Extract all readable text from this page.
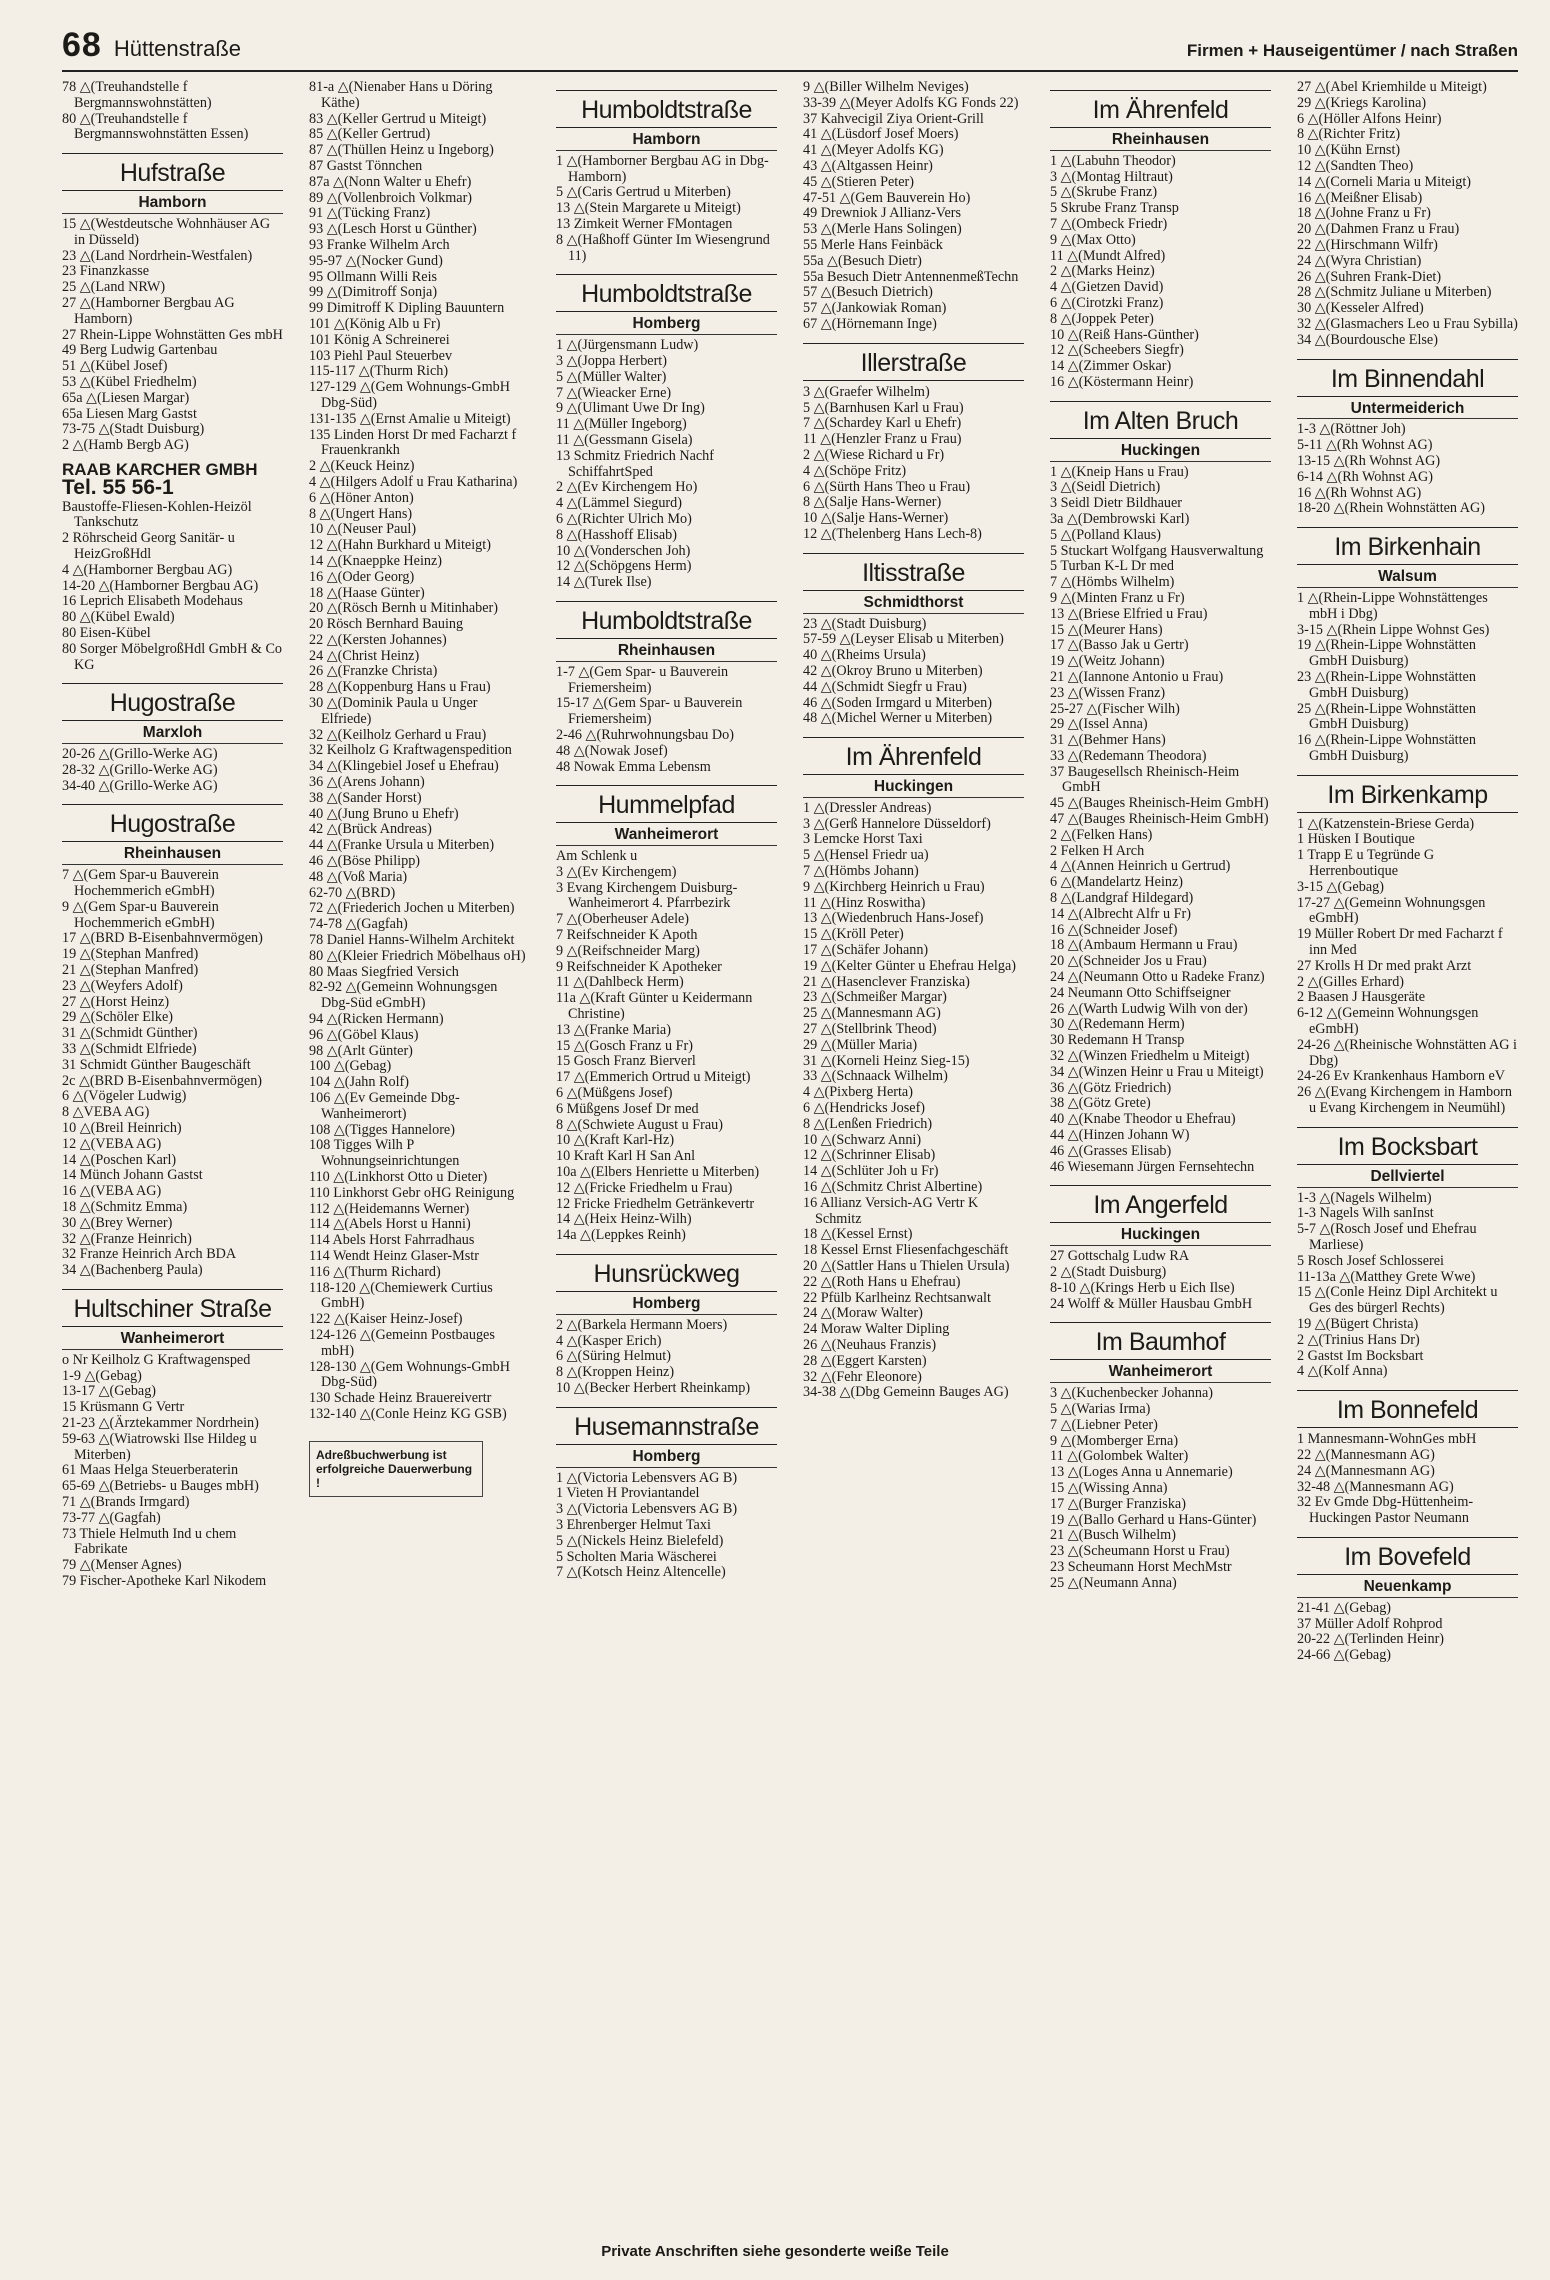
68 Hüttenstraße	Firmen + Hauseigentümer / nach Straßen
78 △(Treuhandstelle f Bergmannswohnstätten)
80 △(Treuhandstelle f Bergmannswohnstätten Essen)
Hufstraße
Hamborn
15 △(Westdeutsche Wohnhäuser AG in Düsseld)
23 △(Land Nordrhein-Westfalen)
23 Finanzkasse
25 △(Land NRW)
27 △(Hamborner Bergbau AG Hamborn)
27 Rhein-Lippe Wohnstätten Ges mbH
49 Berg Ludwig Gartenbau
51 △(Kübel Josef)
53 △(Kübel Friedhelm)
65a △(Liesen Margar)
65a Liesen Marg Gastst
73-75 △(Stadt Duisburg)
2 △(Hamb Bergb AG)
RAAB KARCHER GMBH
Tel. 55 56-1
Baustoffe-Fliesen-Kohlen-Heizöl Tankschutz
2 Röhrscheid Georg Sanitär- u HeizGroßHdl
4 △(Hamborner Bergbau AG)
14-20 △(Hamborner Bergbau AG)
16 Leprich Elisabeth Modehaus
80 △(Kübel Ewald)
80 Eisen-Kübel
80 Sorger MöbelgroßHdl GmbH & Co KG
Hugostraße
Marxloh
20-26 △(Grillo-Werke AG)
28-32 △(Grillo-Werke AG)
34-40 △(Grillo-Werke AG)
Hugostraße
Rheinhausen
7 △(Gem Spar-u Bauverein Hochemmerich eGmbH)
9 △(Gem Spar-u Bauverein Hochemmerich eGmbH)
17 △(BRD B-Eisenbahnvermögen)
19 △(Stephan Manfred)
21 △(Stephan Manfred)
23 △(Weyfers Adolf)
27 △(Horst Heinz)
29 △(Schöler Elke)
31 △(Schmidt Günther)
33 △(Schmidt Elfriede)
31 Schmidt Günther Baugeschäft
2c △(BRD B-Eisenbahnvermögen)
6 △(Vögeler Ludwig)
8 △VEBA AG)
10 △(Breil Heinrich)
12 △(VEBA AG)
14 △(Poschen Karl)
14 Münch Johann Gastst
16 △(VEBA AG)
18 △(Schmitz Emma)
30 △(Brey Werner)
32 △(Franze Heinrich)
32 Franze Heinrich Arch BDA
34 △(Bachenberg Paula)
Hultschiner Straße
Wanheimerort
o Nr Keilholz G Kraftwagensped
1-9 △(Gebag)
13-17 △(Gebag)
15 Krüsmann G Vertr
21-23 △(Ärztekammer Nordrhein)
59-63 △(Wiatrowski Ilse Hildeg u Miterben)
61 Maas Helga Steuerberaterin
65-69 △(Betriebs- u Bauges mbH)
71 △(Brands Irmgard)
73-77 △(Gagfah)
73 Thiele Helmuth Ind u chem Fabrikate
79 △(Menser Agnes)
79 Fischer-Apotheke Karl Nikodem
81-a △(Nienaber Hans u Döring Käthe)
83 △(Keller Gertrud u Miteigt)
85 △(Keller Gertrud)
87 △(Thüllen Heinz u Ingeborg)
87 Gastst Tönnchen
87a △(Nonn Walter u Ehefr)
89 △(Vollenbroich Volkmar)
91 △(Tücking Franz)
93 △(Lesch Horst u Günther)
93 Franke Wilhelm Arch
95-97 △(Nocker Gund)
95 Ollmann Willi Reis
99 △(Dimitroff Sonja)
99 Dimitroff K Dipling Bauuntern
101 △(König Alb u Fr)
101 König A Schreinerei
103 Piehl Paul Steuerbev
115-117 △(Thurm Rich)
127-129 △(Gem Wohnungs-GmbH Dbg-Süd)
131-135 △(Ernst Amalie u Miteigt)
135 Linden Horst Dr med Facharzt f Frauenkrankh
2 △(Keuck Heinz)
4 △(Hilgers Adolf u Frau Katharina)
6 △(Höner Anton)
8 △(Ungert Hans)
10 △(Neuser Paul)
12 △(Hahn Burkhard u Miteigt)
14 △(Knaeppke Heinz)
16 △(Oder Georg)
18 △(Haase Günter)
20 △(Rösch Bernh u Mitinhaber)
20 Rösch Bernhard Bauing
22 △(Kersten Johannes)
24 △(Christ Heinz)
26 △(Franzke Christa)
28 △(Koppenburg Hans u Frau)
30 △(Dominik Paula u Unger Elfriede)
32 △(Keilholz Gerhard u Frau)
32 Keilholz G Kraftwagenspedition
34 △(Klingebiel Josef u Ehefrau)
36 △(Arens Johann)
38 △(Sander Horst)
40 △(Jung Bruno u Ehefr)
42 △(Brück Andreas)
44 △(Franke Ursula u Miterben)
46 △(Böse Philipp)
48 △(Voß Maria)
62-70 △(BRD)
72 △(Friederich Jochen u Miterben)
74-78 △(Gagfah)
78 Daniel Hanns-Wilhelm Architekt
80 △(Kleier Friedrich Möbelhaus oH)
80 Maas Siegfried Versich
82-92 △(Gemeinn Wohnungsgen Dbg-Süd eGmbH)
94 △(Ricken Hermann)
96 △(Göbel Klaus)
98 △(Arlt Günter)
100 △(Gebag)
104 △(Jahn Rolf)
106 △(Ev Gemeinde Dbg-Wanheimerort)
108 △(Tigges Hannelore)
108 Tigges Wilh P Wohnungseinrichtungen
110 △(Linkhorst Otto u Dieter)
110 Linkhorst Gebr oHG Reinigung
112 △(Heidemanns Werner)
114 △(Abels Horst u Hanni)
114 Abels Horst Fahrradhaus
114 Wendt Heinz Glaser-Mstr
116 △(Thurm Richard)
118-120 △(Chemiewerk Curtius GmbH)
122 △(Kaiser Heinz-Josef)
124-126 △(Gemeinn Postbauges mbH)
128-130 △(Gem Wohnungs-GmbH Dbg-Süd)
130 Schade Heinz Brauereivertr
132-140 △(Conle Heinz KG GSB)
Adreßbuchwerbung ist erfolgreiche Dauerwerbung !
Humboldtstraße
Hamborn
1 △(Hamborner Bergbau AG in Dbg-Hamborn)
5 △(Caris Gertrud u Miterben)
13 △(Stein Margarete u Miteigt)
13 Zimkeit Werner FMontagen
8 △(Haßhoff Günter Im Wiesengrund 11)
Humboldtstraße
Homberg
1 △(Jürgensmann Ludw)
3 △(Joppa Herbert)
5 △(Müller Walter)
7 △(Wieacker Erne)
9 △(Ulimant Uwe Dr Ing)
11 △(Müller Ingeborg)
11 △(Gessmann Gisela)
13 Schmitz Friedrich Nachf SchiffahrtSped
2 △(Ev Kirchengem Ho)
4 △(Lämmel Siegurd)
6 △(Richter Ulrich Mo)
8 △(Hasshoff Elisab)
10 △(Vonderschen Joh)
12 △(Schöpgens Herm)
14 △(Turek Ilse)
Humboldtstraße
Rheinhausen
1-7 △(Gem Spar- u Bauverein Friemersheim)
15-17 △(Gem Spar- u Bauverein Friemersheim)
2-46 △(Ruhrwohnungsbau Do)
48 △(Nowak Josef)
48 Nowak Emma Lebensm
Hummelpfad
Wanheimerort
Am Schlenk u
3 △(Ev Kirchengem)
3 Evang Kirchengem Duisburg-Wanheimerort 4. Pfarrbezirk
7 △(Oberheuser Adele)
7 Reifschneider K Apoth
9 △(Reifschneider Marg)
9 Reifschneider K Apotheker
11 △(Dahlbeck Herm)
11a △(Kraft Günter u Keidermann Christine)
13 △(Franke Maria)
15 △(Gosch Franz u Fr)
15 Gosch Franz Bierverl
17 △(Emmerich Ortrud u Miteigt)
6 △(Müßgens Josef)
6 Müßgens Josef Dr med
8 △(Schwiete August u Frau)
10 △(Kraft Karl-Hz)
10 Kraft Karl H San Anl
10a △(Elbers Henriette u Miterben)
12 △(Fricke Friedhelm u Frau)
12 Fricke Friedhelm Getränkevertr
14 △(Heix Heinz-Wilh)
14a △(Leppkes Reinh)
Hunsrückweg
Homberg
2 △(Barkela Hermann Moers)
4 △(Kasper Erich)
6 △(Süring Helmut)
8 △(Kroppen Heinz)
10 △(Becker Herbert Rheinkamp)
Husemannstraße
Homberg
1 △(Victoria Lebensvers AG B)
1 Vieten H Proviantandel
3 △(Victoria Lebensvers AG B)
3 Ehrenberger Helmut Taxi
5 △(Nickels Heinz Bielefeld)
5 Scholten Maria Wäscherei
7 △(Kotsch Heinz Altencelle)
9 △(Biller Wilhelm Neviges)
33-39 △(Meyer Adolfs KG Fonds 22)
37 Kahvecigil Ziya Orient-Grill
41 △(Lüsdorf Josef Moers)
41 △(Meyer Adolfs KG)
43 △(Altgassen Heinr)
45 △(Stieren Peter)
47-51 △(Gem Bauverein Ho)
49 Drewniok J Allianz-Vers
53 △(Merle Hans Solingen)
55 Merle Hans Feinbäck
55a △(Besuch Dietr)
55a Besuch Dietr AntennenmeßTechn
57 △(Besuch Dietrich)
57 △(Jankowiak Roman)
67 △(Hörnemann Inge)
Illerstraße
3 △(Graefer Wilhelm)
5 △(Barnhusen Karl u Frau)
7 △(Schardey Karl u Ehefr)
11 △(Henzler Franz u Frau)
2 △(Wiese Richard u Fr)
4 △(Schöpe Fritz)
6 △(Sürth Hans Theo u Frau)
8 △(Salje Hans-Werner)
10 △(Salje Hans-Werner)
12 △(Thelenberg Hans Lech-8)
Iltisstraße
Schmidthorst
23 △(Stadt Duisburg)
57-59 △(Leyser Elisab u Miterben)
40 △(Rheims Ursula)
42 △(Okroy Bruno u Miterben)
44 △(Schmidt Siegfr u Frau)
46 △(Soden Irmgard u Miterben)
48 △(Michel Werner u Miterben)
Im Ährenfeld
Huckingen
1 △(Dressler Andreas)
3 △(Gerß Hannelore Düsseldorf)
3 Lemcke Horst Taxi
5 △(Hensel Friedr ua)
7 △(Hömbs Johann)
9 △(Kirchberg Heinrich u Frau)
11 △(Hinz Roswitha)
13 △(Wiedenbruch Hans-Josef)
15 △(Kröll Peter)
17 △(Schäfer Johann)
19 △(Kelter Günter u Ehefrau Helga)
21 △(Hasenclever Franziska)
23 △(Schmeißer Margar)
25 △(Mannesmann AG)
27 △(Stellbrink Theod)
29 △(Müller Maria)
31 △(Korneli Heinz Sieg-15)
33 △(Schnaack Wilhelm)
4 △(Pixberg Herta)
6 △(Hendricks Josef)
8 △(Lenßen Friedrich)
10 △(Schwarz Anni)
12 △(Schrinner Elisab)
14 △(Schlüter Joh u Fr)
16 △(Schmitz Christ Albertine)
16 Allianz Versich-AG Vertr K Schmitz
18 △(Kessel Ernst)
18 Kessel Ernst Fliesenfachgeschäft
20 △(Sattler Hans u Thielen Ursula)
22 △(Roth Hans u Ehefrau)
22 Pfülb Karlheinz Rechtsanwalt
24 △(Moraw Walter)
24 Moraw Walter Dipling
26 △(Neuhaus Franzis)
28 △(Eggert Karsten)
32 △(Fehr Eleonore)
34-38 △(Dbg Gemeinn Bauges AG)
Im Ährenfeld
Rheinhausen
1 △(Labuhn Theodor)
3 △(Montag Hiltraut)
5 △(Skrube Franz)
5 Skrube Franz Transp
7 △(Ombeck Friedr)
9 △(Max Otto)
11 △(Mundt Alfred)
2 △(Marks Heinz)
4 △(Gietzen David)
6 △(Cirotzki Franz)
8 △(Joppek Peter)
10 △(Reiß Hans-Günther)
12 △(Scheebers Siegfr)
14 △(Zimmer Oskar)
16 △(Köstermann Heinr)
Im Alten Bruch
Huckingen
1 △(Kneip Hans u Frau)
3 △(Seidl Dietrich)
3 Seidl Dietr Bildhauer
3a △(Dembrowski Karl)
5 △(Polland Klaus)
5 Stuckart Wolfgang Hausverwaltung
5 Turban K-L Dr med
7 △(Hömbs Wilhelm)
9 △(Minten Franz u Fr)
13 △(Briese Elfried u Frau)
15 △(Meurer Hans)
17 △(Basso Jak u Gertr)
19 △(Weitz Johann)
21 △(Iannone Antonio u Frau)
23 △(Wissen Franz)
25-27 △(Fischer Wilh)
29 △(Issel Anna)
31 △(Behmer Hans)
33 △(Redemann Theodora)
37 Baugesellsch Rheinisch-Heim GmbH
45 △(Bauges Rheinisch-Heim GmbH)
47 △(Bauges Rheinisch-Heim GmbH)
2 △(Felken Hans)
2 Felken H Arch
4 △(Annen Heinrich u Gertrud)
6 △(Mandelartz Heinz)
8 △(Landgraf Hildegard)
14 △(Albrecht Alfr u Fr)
16 △(Schneider Josef)
18 △(Ambaum Hermann u Frau)
20 △(Schneider Jos u Frau)
24 △(Neumann Otto u Radeke Franz)
24 Neumann Otto Schiffseigner
26 △(Warth Ludwig Wilh von der)
30 △(Redemann Herm)
30 Redemann H Transp
32 △(Winzen Friedhelm u Miteigt)
34 △(Winzen Heinr u Frau u Miteigt)
36 △(Götz Friedrich)
38 △(Götz Grete)
40 △(Knabe Theodor u Ehefrau)
44 △(Hinzen Johann W)
46 △(Grasses Elisab)
46 Wiesemann Jürgen Fernsehtechn
Im Angerfeld
Huckingen
27 Gottschalg Ludw RA
2 △(Stadt Duisburg)
8-10 △(Krings Herb u Eich Ilse)
24 Wolff & Müller Hausbau GmbH
Im Baumhof
Wanheimerort
3 △(Kuchenbecker Johanna)
5 △(Warias Irma)
7 △(Liebner Peter)
9 △(Momberger Erna)
11 △(Golombek Walter)
13 △(Loges Anna u Annemarie)
15 △(Wissing Anna)
17 △(Burger Franziska)
19 △(Ballo Gerhard u Hans-Günter)
21 △(Busch Wilhelm)
23 △(Scheumann Horst u Frau)
23 Scheumann Horst MechMstr
25 △(Neumann Anna)
27 △(Abel Kriemhilde u Miteigt)
29 △(Kriegs Karolina)
6 △(Höller Alfons Heinr)
8 △(Richter Fritz)
10 △(Kühn Ernst)
12 △(Sandten Theo)
14 △(Corneli Maria u Miteigt)
16 △(Meißner Elisab)
18 △(Johne Franz u Fr)
20 △(Dahmen Franz u Frau)
22 △(Hirschmann Wilfr)
24 △(Wyra Christian)
26 △(Suhren Frank-Diet)
28 △(Schmitz Juliane u Miterben)
30 △(Kesseler Alfred)
32 △(Glasmachers Leo u Frau Sybilla)
34 △(Bourdousche Else)
Im Binnendahl
Untermeiderich
1-3 △(Röttner Joh)
5-11 △(Rh Wohnst AG)
13-15 △(Rh Wohnst AG)
6-14 △(Rh Wohnst AG)
16 △(Rh Wohnst AG)
18-20 △(Rhein Wohnstätten AG)
Im Birkenhain
Walsum
1 △(Rhein-Lippe Wohnstättenges mbH i Dbg)
3-15 △(Rhein Lippe Wohnst Ges)
19 △(Rhein-Lippe Wohnstätten GmbH Duisburg)
23 △(Rhein-Lippe Wohnstätten GmbH Duisburg)
25 △(Rhein-Lippe Wohnstätten GmbH Duisburg)
16 △(Rhein-Lippe Wohnstätten GmbH Duisburg)
Im Birkenkamp
1 △(Katzenstein-Briese Gerda)
1 Hüsken I Boutique
1 Trapp E u Tegründe G Herrenboutique
3-15 △(Gebag)
17-27 △(Gemeinn Wohnungsgen eGmbH)
19 Müller Robert Dr med Facharzt f inn Med
27 Krolls H Dr med prakt Arzt
2 △(Gilles Erhard)
2 Baasen J Hausgeräte
6-12 △(Gemeinn Wohnungsgen eGmbH)
24-26 △(Rheinische Wohnstätten AG i Dbg)
24-26 Ev Krankenhaus Hamborn eV
26 △(Evang Kirchengem in Hamborn u Evang Kirchengem in Neumühl)
Im Bocksbart
Dellviertel
1-3 △(Nagels Wilhelm)
1-3 Nagels Wilh sanInst
5-7 △(Rosch Josef und Ehefrau Marliese)
5 Rosch Josef Schlosserei
11-13a △(Matthey Grete Wwe)
15 △(Conle Heinz Dipl Architekt u Ges des bürgerl Rechts)
19 △(Bügert Christa)
2 △(Trinius Hans Dr)
2 Gastst Im Bocksbart
4 △(Kolf Anna)
Im Bonnefeld
1 Mannesmann-WohnGes mbH
22 △(Mannesmann AG)
24 △(Mannesmann AG)
32-48 △(Mannesmann AG)
32 Ev Gmde Dbg-Hüttenheim-Huckingen Pastor Neumann
Im Bovefeld
Neuenkamp
21-41 △(Gebag)
37 Müller Adolf Rohprod
20-22 △(Terlinden Heinr)
24-66 △(Gebag)
Private Anschriften siehe gesonderte weiße Teile
